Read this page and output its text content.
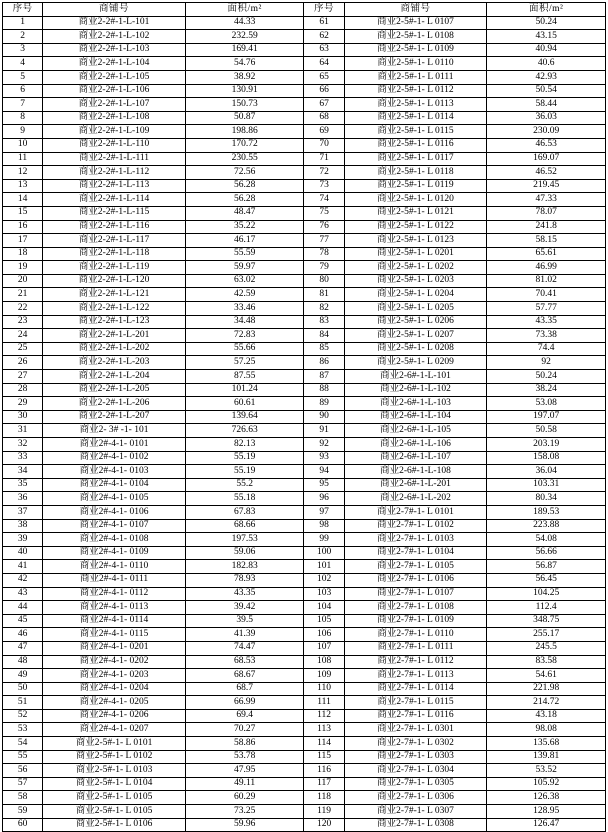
序号	商铺号	面积/m²	序号	商铺号	面积/m²
1	商业2-2#-1-L-101	44.33	61	商业2-5#-1- L 0107	50.24
2	商业2-2#-1-L-102	232.59	62	商业2-5#-1- L 0108	43.15
3	商业2-2#-1-L-103	169.41	63	商业2-5#-1- L 0109	40.94
4	商业2-2#-1-L-104	54.76	64	商业2-5#-1- L 0110	40.6
5	商业2-2#-1-L-105	38.92	65	商业2-5#-1- L 0111	42.93
6	商业2-2#-1-L-106	130.91	66	商业2-5#-1- L 0112	50.54
7	商业2-2#-1-L-107	150.73	67	商业2-5#-1- L 0113	58.44
8	商业2-2#-1-L-108	50.87	68	商业2-5#-1- L 0114	36.03
9	商业2-2#-1-L-109	198.86	69	商业2-5#-1- L 0115	230.09
10	商业2-2#-1-L-110	170.72	70	商业2-5#-1- L 0116	46.53
11	商业2-2#-1-L-111	230.55	71	商业2-5#-1- L 0117	169.07
12	商业2-2#-1-L-112	72.56	72	商业2-5#-1- L 0118	46.52
13	商业2-2#-1-L-113	56.28	73	商业2-5#-1- L 0119	219.45
14	商业2-2#-1-L-114	56.28	74	商业2-5#-1- L 0120	47.33
15	商业2-2#-1-L-115	48.47	75	商业2-5#-1- L 0121	78.07
16	商业2-2#-1-L-116	35.22	76	商业2-5#-1- L 0122	241.8
17	商业2-2#-1-L-117	46.17	77	商业2-5#-1- L 0123	58.15
18	商业2-2#-1-L-118	55.59	78	商业2-5#-1- L 0201	65.61
19	商业2-2#-1-L-119	59.97	79	商业2-5#-1- L 0202	46.99
20	商业2-2#-1-L-120	63.02	80	商业2-5#-1- L 0203	81.02
21	商业2-2#-1-L-121	42.59	81	商业2-5#-1- L 0204	70.41
22	商业2-2#-1-L-122	33.46	82	商业2-5#-1- L 0205	57.77
23	商业2-2#-1-L-123	34.48	83	商业2-5#-1- L 0206	43.35
24	商业2-2#-1-L-201	72.83	84	商业2-5#-1- L 0207	73.38
25	商业2-2#-1-L-202	55.66	85	商业2-5#-1- L 0208	74.4
26	商业2-2#-1-L-203	57.25	86	商业2-5#-1- L 0209	92
27	商业2-2#-1-L-204	87.55	87	商业2-6#-1-L-101	50.24
28	商业2-2#-1-L-205	101.24	88	商业2-6#-1-L-102	38.24
29	商业2-2#-1-L-206	60.61	89	商业2-6#-1-L-103	53.08
30	商业2-2#-1-L-207	139.64	90	商业2-6#-1-L-104	197.07
31	商业2- 3# -1- 101	726.63	91	商业2-6#-1-L-105	50.58
32	商业2#-4-1- 0101	82.13	92	商业2-6#-1-L-106	203.19
33	商业2#-4-1- 0102	55.19	93	商业2-6#-1-L-107	158.08
34	商业2#-4-1- 0103	55.19	94	商业2-6#-1-L-108	36.04
35	商业2#-4-1- 0104	55.2	95	商业2-6#-1-L-201	103.31
36	商业2#-4-1- 0105	55.18	96	商业2-6#-1-L-202	80.34
37	商业2#-4-1- 0106	67.83	97	商业2-7#-1- L 0101	189.53
38	商业2#-4-1- 0107	68.66	98	商业2-7#-1- L 0102	223.88
39	商业2#-4-1- 0108	197.53	99	商业2-7#-1- L 0103	54.08
40	商业2#-4-1- 0109	59.06	100	商业2-7#-1- L 0104	56.66
41	商业2#-4-1- 0110	182.83	101	商业2-7#-1- L 0105	56.87
42	商业2#-4-1- 0111	78.93	102	商业2-7#-1- L 0106	56.45
43	商业2#-4-1- 0112	43.35	103	商业2-7#-1- L 0107	104.25
44	商业2#-4-1- 0113	39.42	104	商业2-7#-1- L 0108	112.4
45	商业2#-4-1- 0114	39.5	105	商业2-7#-1- L 0109	348.75
46	商业2#-4-1- 0115	41.39	106	商业2-7#-1- L 0110	255.17
47	商业2#-4-1- 0201	74.47	107	商业2-7#-1- L 0111	245.5
48	商业2#-4-1- 0202	68.53	108	商业2-7#-1- L 0112	83.58
49	商业2#-4-1- 0203	68.67	109	商业2-7#-1- L 0113	54.61
50	商业2#-4-1- 0204	68.7	110	商业2-7#-1- L 0114	221.98
51	商业2#-4-1- 0205	66.99	111	商业2-7#-1- L 0115	214.72
52	商业2#-4-1- 0206	69.4	112	商业2-7#-1- L 0116	43.18
53	商业2#-4-1- 0207	70.27	113	商业2-7#-1- L 0301	98.08
54	商业2-5#-1- L 0101	58.86	114	商业2-7#-1- L 0302	135.68
55	商业2-5#-1- L 0102	53.78	115	商业2-7#-1- L 0303	139.81
56	商业2-5#-1- L 0103	47.95	116	商业2-7#-1- L 0304	53.52
57	商业2-5#-1- L 0104	49.11	117	商业2-7#-1- L 0305	105.92
58	商业2-5#-1- L 0105	60.29	118	商业2-7#-1- L 0306	126.38
59	商业2-5#-1- L 0105	73.25	119	商业2-7#-1- L 0307	128.95
60	商业2-5#-1- L 0106	59.96	120	商业2-7#-1- L 0308	126.47
